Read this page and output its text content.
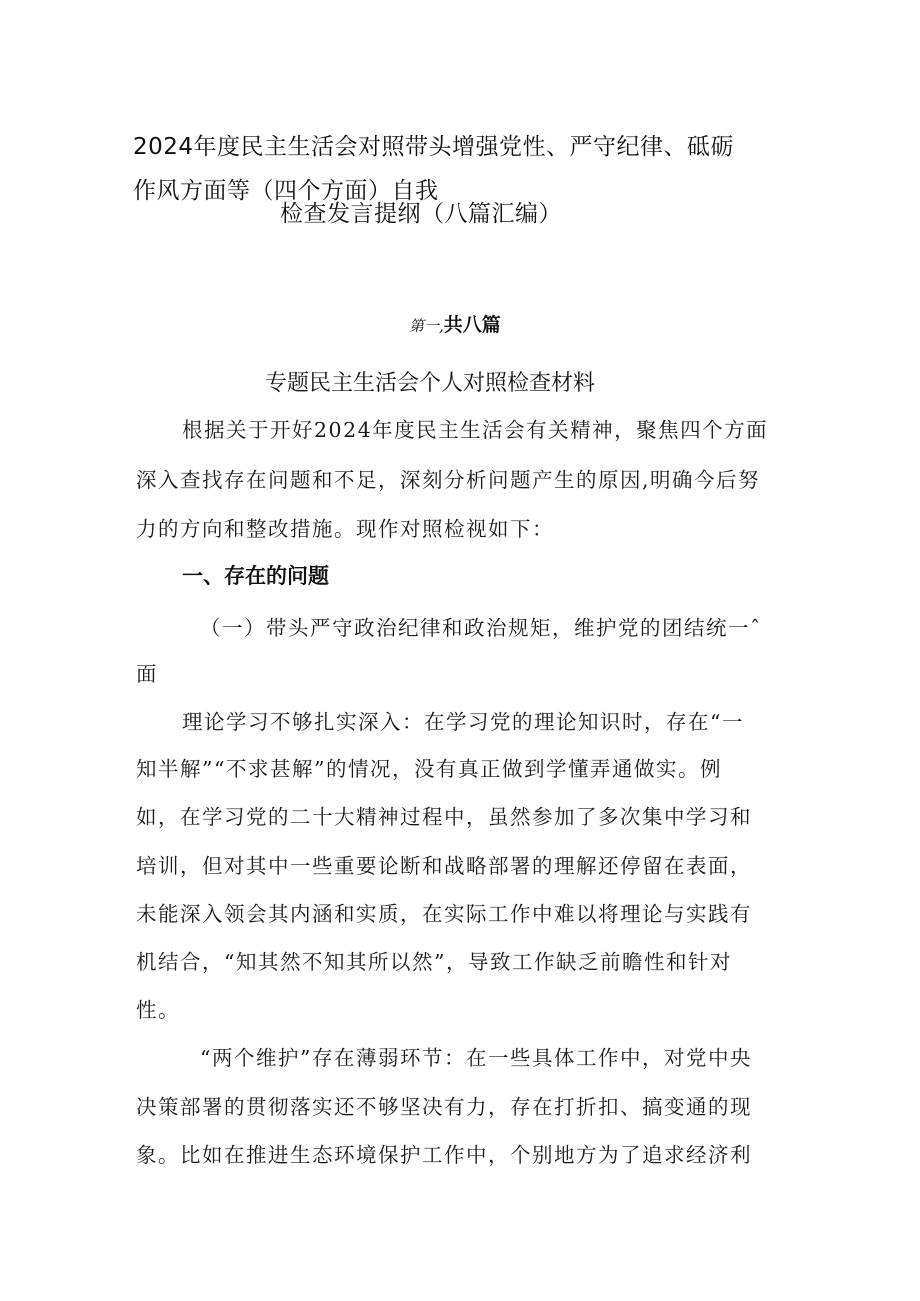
2024年度民主生活会对照带头增强党性、严守纪律、砥砺
作风方面等（四个方面）自我
检查发言提纲（八篇汇编）
第一,共八篇
专题民主生活会个人对照检查材料
根据关于开好2024年度民主生活会有关精神，聚焦四个方面
深入查找存在问题和不足，深刻分析问题产生的原因,明确今后努
力的方向和整改措施。现作对照检视如下：
一、存在的问题
（一）带头严守政治纪律和政治规矩，维护党的团结统一ˆ
面
理论学习不够扎实深入：在学习党的理论知识时，存在“一
知半解”“不求甚解”的情况，没有真正做到学懂弄通做实。例
如，在学习党的二十大精神过程中，虽然参加了多次集中学习和
培训，但对其中一些重要论断和战略部署的理解还停留在表面，
未能深入领会其内涵和实质，在实际工作中难以将理论与实践有
机结合，“知其然不知其所以然”，导致工作缺乏前瞻性和针对
性。
“两个维护”存在薄弱环节：在一些具体工作中，对党中央
决策部署的贯彻落实还不够坚决有力，存在打折扣、搞变通的现
象。比如在推进生态环境保护工作中，个别地方为了追求经济利
